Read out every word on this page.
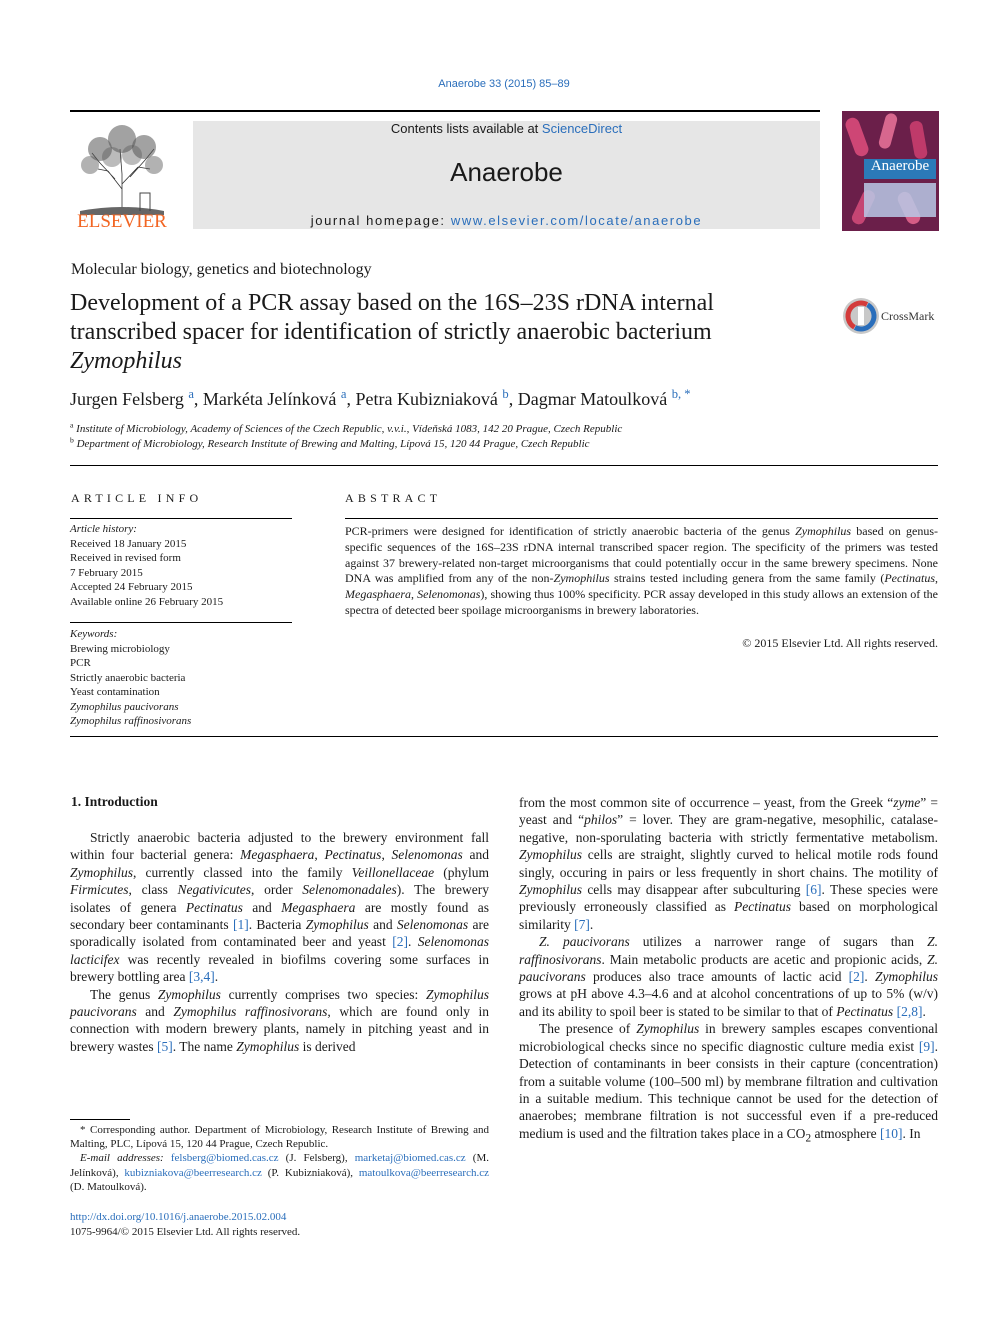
Anaerobe 33 (2015) 85–89
ELSEVIER
Contents lists available at ScienceDirect
Anaerobe
journal homepage: www.elsevier.com/locate/anaerobe
Anaerobe
Molecular biology, genetics and biotechnology
Development of a PCR assay based on the 16S–23S rDNA internal
transcribed spacer for identification of strictly anaerobic bacterium
Zymophilus
CrossMark
Jurgen Felsberg $^a$, Markéta Jelínková $^a$, Petra Kubizniaková $^b$, Dagmar Matoulková $^{b, *}$
$^a$ Institute of Microbiology, Academy of Sciences of the Czech Republic, v.v.i., Vídeňská 1083, 142 20 Prague, Czech Republic
$^b$ Department of Microbiology, Research Institute of Brewing and Malting, Lípová 15, 120 44 Prague, Czech Republic
ARTICLE INFO
Article history:
Received 18 January 2015
Received in revised form
7 February 2015
Accepted 24 February 2015
Available online 26 February 2015
Keywords:
Brewing microbiology
PCR
Strictly anaerobic bacteria
Yeast contamination
Zymophilus paucivorans
Zymophilus raffinosivorans
ABSTRACT
PCR-primers were designed for identification of strictly anaerobic bacteria of the genus Zymophilus based on genus-specific sequences of the 16S–23S rDNA internal transcribed spacer region. The specificity of the primers was tested against 37 brewery-related non-target microorganisms that could potentially occur in the same brewery specimens. None DNA was amplified from any of the non-Zymophilus strains tested including genera from the same family (Pectinatus, Megasphaera, Selenomonas), showing thus 100% specificity. PCR assay developed in this study allows an extension of the spectra of detected beer spoilage microorganisms in brewery laboratories.
© 2015 Elsevier Ltd. All rights reserved.
1. Introduction

Strictly anaerobic bacteria adjusted to the brewery environment fall within four bacterial genera: Megasphaera, Pectinatus, Selenomonas and Zymophilus, currently classed into the family Veillonellaceae (phylum Firmicutes, class Negativicutes, order Selenomonadales). The brewery isolates of genera Pectinatus and Megasphaera are mostly found as secondary beer contaminants [1]. Bacteria Zymophilus and Selenomonas are sporadically isolated from contaminated beer and yeast [2]. Selenomonas lacticifex was recently revealed in biofilms covering some surfaces in brewery bottling area [3,4].

The genus Zymophilus currently comprises two species: Zymophilus paucivorans and Zymophilus raffinosivorans, which are found only in connection with modern brewery plants, namely in pitching yeast and in brewery wastes [5]. The name Zymophilus is derived

from the most common site of occurrence – yeast, from the Greek “zyme” = yeast and “philos” = lover. They are gram-negative, mesophilic, catalase-negative, non-sporulating bacteria with strictly fermentative metabolism. Zymophilus cells are straight, slightly curved to helical motile rods found singly, occuring in pairs or less frequently in short chains. The motility of Zymophilus cells may disappear after subculturing [6]. These species were previously erroneously classified as Pectinatus based on morphological similarity [7].

Z. paucivorans utilizes a narrower range of sugars than Z. raffinosivorans. Main metabolic products are acetic and propionic acids, Z. paucivorans produces also trace amounts of lactic acid [2]. Zymophilus grows at pH above 4.3–4.6 and at alcohol concentrations of up to 5% (w/v) and its ability to spoil beer is stated to be similar to that of Pectinatus [2,8].

The presence of Zymophilus in brewery samples escapes conventional microbiological checks since no specific diagnostic culture media exist [9]. Detection of contaminants in beer consists in their capture (concentration) from a suitable volume (100–500 ml) by membrane filtration and cultivation in a suitable medium. This technique cannot be used for the detection of anaerobes; membrane filtration is not successful even if a pre-reduced medium is used and the filtration takes place in a $CO_2$ atmosphere [10]. In

* Corresponding author. Department of Microbiology, Research Institute of Brewing and Malting, PLC, Lípová 15, 120 44 Prague, Czech Republic.
E-mail addresses: felsberg@biomed.cas.cz (J. Felsberg), marketaj@biomed.cas.cz (M. Jelínková), kubizniakova@beerresearch.cz (P. Kubizniaková), matoulkova@beerresearch.cz (D. Matoulková).
http://dx.doi.org/10.1016/j.anaerobe.2015.02.004
1075-9964/© 2015 Elsevier Ltd. All rights reserved.
